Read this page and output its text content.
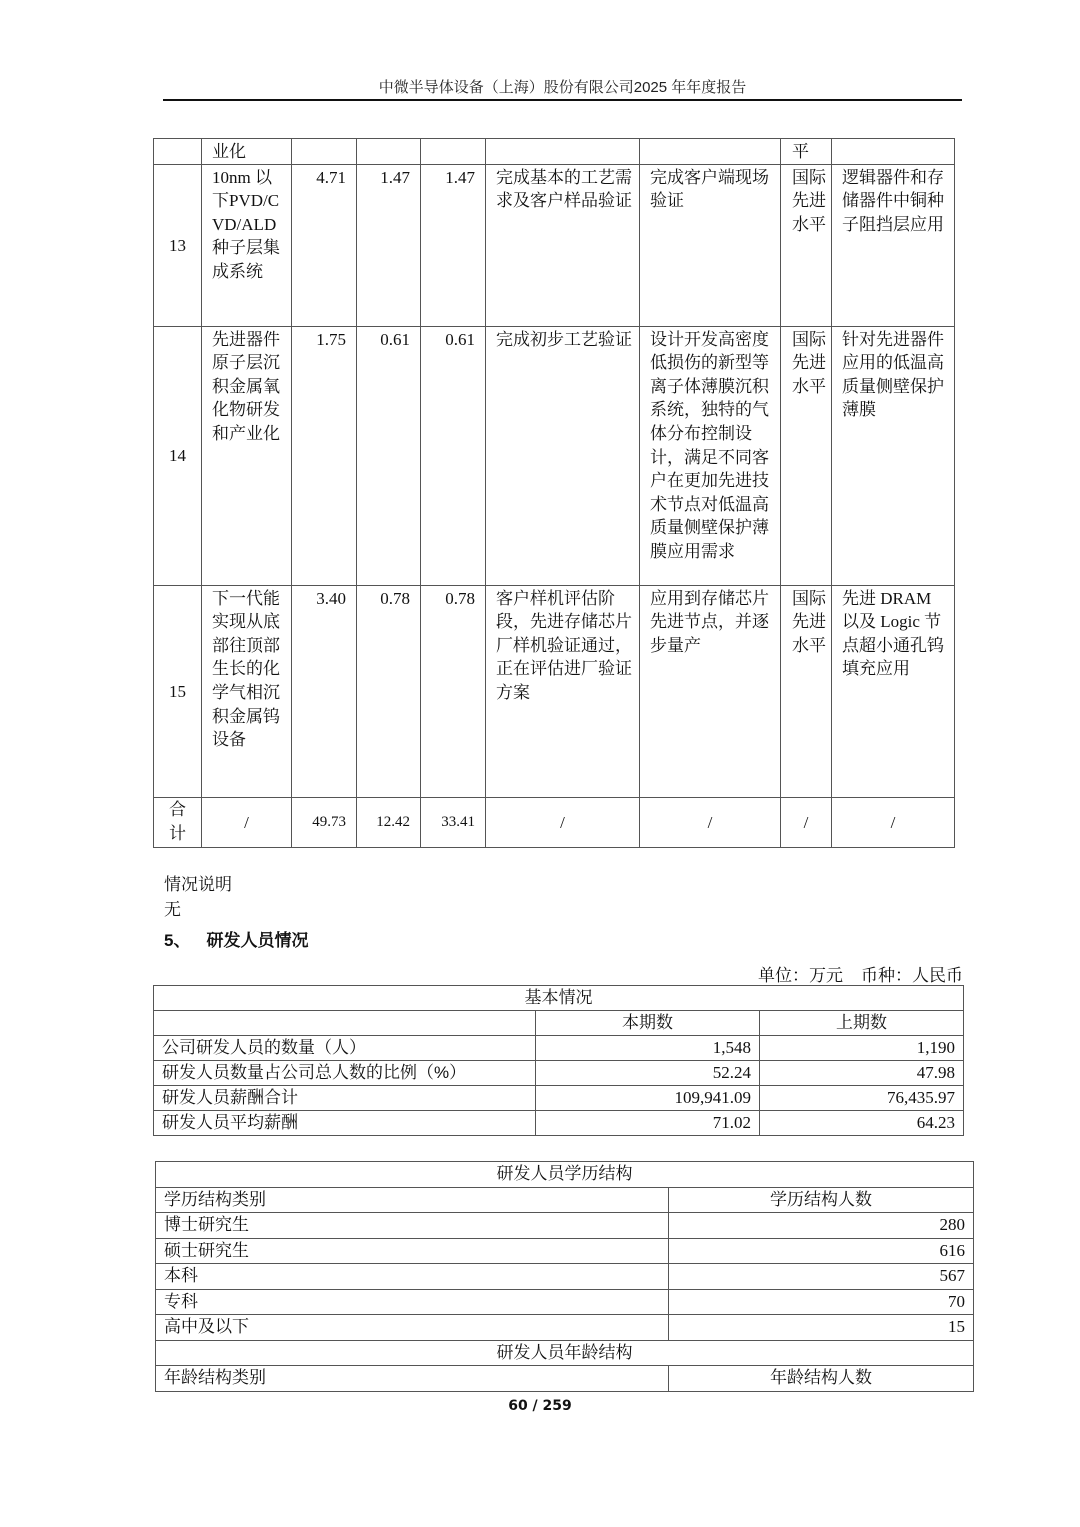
中微半导体设备（上海）股份有限公司2025 年年度报告
	业化						平	
13	10nm 以下PVD/CVD/ALD种子层集成系统	4.71	1.47	1.47	完成基本的工艺需求及客户样品验证	完成客户端现场验证	国际先进水平	逻辑器件和存储器件中铜种子阻挡层应用
14	先进器件原子层沉积金属氧化物研发和产业化	1.75	0.61	0.61	完成初步工艺验证	设计开发高密度低损伤的新型等离子体薄膜沉积系统，独特的气体分布控制设计，满足不同客户在更加先进技术节点对低温高质量侧壁保护薄膜应用需求	国际先进水平	针对先进器件应用的低温高质量侧壁保护薄膜
15	下一代能实现从底部往顶部生长的化学气相沉积金属钨设备	3.40	0.78	0.78	客户样机评估阶段，先进存储芯片厂样机验证通过，正在评估进厂验证方案	应用到存储芯片先进节点，并逐步量产	国际先进水平	先进 DRAM 以及 Logic 节点超小通孔钨填充应用
合计	/	49.73	12.42	33.41	/	/	/	/
情况说明
无
5、 研发人员情况
单位：万元 币种：人民币
基本情况		
	本期数	上期数
公司研发人员的数量（人）	1,548	1,190
研发人员数量占公司总人数的比例（%）	52.24	47.98
研发人员薪酬合计	109,941.09	76,435.97
研发人员平均薪酬	71.02	64.23
研发人员学历结构	
学历结构类别	学历结构人数
博士研究生	280
硕士研究生	616
本科	567
专科	70
高中及以下	15
研发人员年龄结构	
年龄结构类别	年龄结构人数
60 / 259
